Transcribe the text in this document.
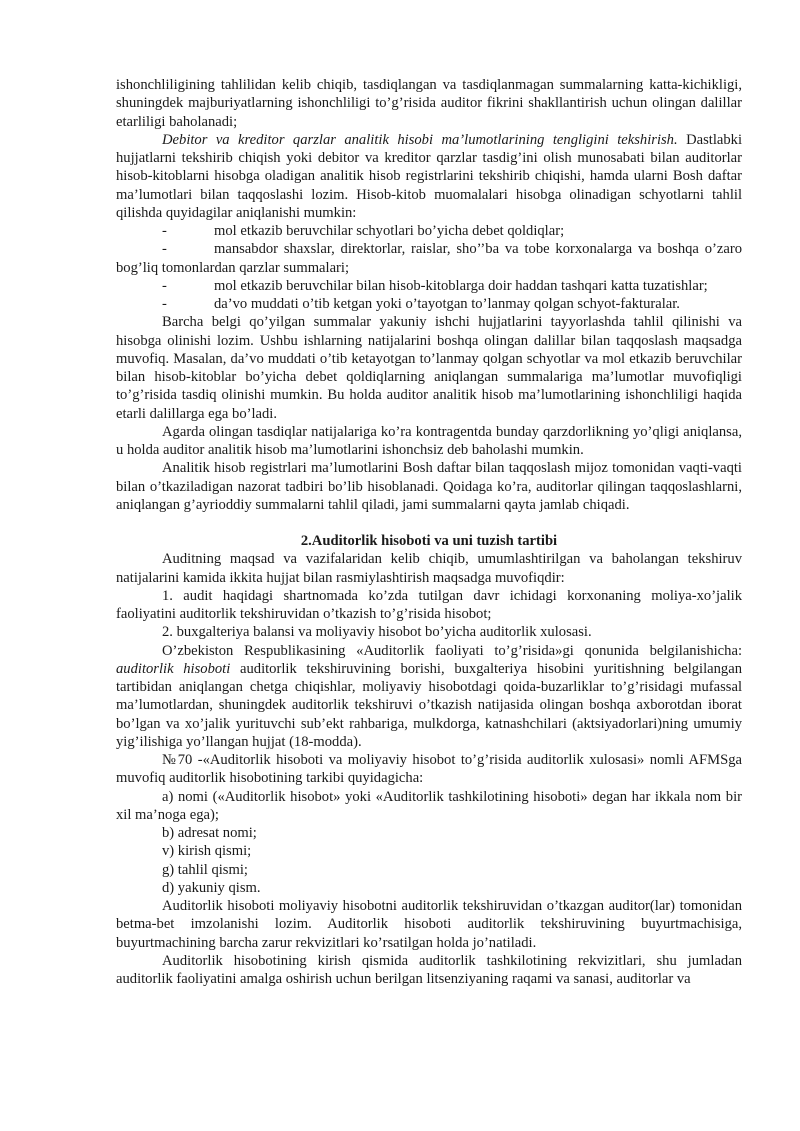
ishonchliligining tahlilidan kelib chiqib, tasdiqlangan va tasdiqlanmagan summalarning katta-kichikligi, shuningdek majburiyatlarning ishonchliligi to’g’risida auditor fikrini shakllantirish uchun olingan dalillar etarliligi baholanadi;

Debitor va kreditor qarzlar analitik hisobi ma’lumotlarining tengligini tekshirish. Dastlabki hujjatlarni tekshirib chiqish yoki debitor va kreditor qarzlar tasdig’ini olish munosabati bilan auditorlar hisob-kitoblarni hisobga oladigan analitik hisob registrlarini tekshirib chiqishi, hamda ularni Bosh daftar ma’lumotlari bilan taqqoslashi lozim. Hisob-kitob muomalalari hisobga olinadigan schyotlarni tahlil qilishda quyidagilar aniqlanishi mumkin:

-	mol etkazib beruvchilar schyotlari bo’yicha debet qoldiqlar;

-	mansabdor shaxslar, direktorlar, raislar, sho’’ba va tobe korxonalarga va boshqa o’zaro bog’liq tomonlardan qarzlar summalari;

-	mol etkazib beruvchilar bilan hisob-kitoblarga doir haddan tashqari katta tuzatishlar;

-	da’vo muddati o’tib ketgan yoki o’tayotgan to’lanmay qolgan schyot-fakturalar.

Barcha belgi qo’yilgan summalar yakuniy ishchi hujjatlarini tayyorlashda tahlil qilinishi va hisobga olinishi lozim. Ushbu ishlarning natijalarini boshqa olingan dalillar bilan taqqoslash maqsadga muvofiq. Masalan, da’vo muddati o’tib ketayotgan to’lanmay qolgan schyotlar va mol etkazib beruvchilar bilan hisob-kitoblar bo’yicha debet qoldiqlarning aniqlangan summalariga ma’lumotlar muvofiqligi to’g’risida tasdiq olinishi mumkin. Bu holda auditor analitik hisob ma’lumotlarining ishonchliligi haqida etarli dalillarga ega bo’ladi.

Agarda olingan tasdiqlar natijalariga ko’ra kontragentda bunday qarzdorlikning yo’qligi aniqlansa, u holda auditor analitik hisob ma’lumotlarini ishonchsiz deb baholashi mumkin.

Analitik hisob registrlari ma’lumotlarini Bosh daftar bilan taqqoslash mijoz tomonidan vaqti-vaqti bilan o’tkaziladigan nazorat tadbiri bo’lib hisoblanadi. Qoidaga ko’ra, auditorlar qilingan taqqoslashlarni, aniqlangan g’ayrioddiy summalarni tahlil qiladi, jami summalarni qayta jamlab chiqadi.

2.Auditorlik hisoboti va uni tuzish tartibi

Auditning maqsad va vazifalaridan kelib chiqib, umumlashtirilgan va baholangan tekshiruv natijalarini kamida ikkita hujjat bilan rasmiylashtirish maqsadga muvofiqdir:

1. audit haqidagi shartnomada ko’zda tutilgan davr ichidagi korxonaning moliya-xo’jalik faoliyatini auditorlik tekshiruvidan o’tkazish to’g’risida hisobot;

2. buxgalteriya balansi va moliyaviy hisobot bo’yicha auditorlik xulosasi.

O’zbekiston Respublikasining «Auditorlik faoliyati to’g’risida»gi qonunida belgilanishicha: auditorlik hisoboti auditorlik tekshiruvining borishi, buxgalteriya hisobini yuritishning belgilangan tartibidan aniqlangan chetga chiqishlar, moliyaviy hisobotdagi qoida-buzarliklar to’g’risidagi mufassal ma’lumotlardan, shuningdek auditorlik tekshiruvi o’tkazish natijasida olingan boshqa axborotdan iborat bo’lgan va xo’jalik yurituvchi sub’ekt rahbariga, mulkdorga, katnashchilari (aktsiyadorlari)ning umumiy yig’ilishiga yo’llangan hujjat (18-modda).

№70 -«Auditorlik hisoboti va moliyaviy hisobot to’g’risida auditorlik xulosasi» nomli AFMSga muvofiq auditorlik hisobotining tarkibi quyidagicha:

a) nomi («Auditorlik hisobot» yoki «Auditorlik tashkilotining hisoboti» degan har ikkala nom bir xil ma’noga ega);

b) adresat nomi;

v) kirish qismi;

g) tahlil qismi;

d) yakuniy qism.

Auditorlik hisoboti moliyaviy hisobotni auditorlik tekshiruvidan o’tkazgan auditor(lar) tomonidan betma-bet imzolanishi lozim. Auditorlik hisoboti auditorlik tekshiruvining buyurtmachisiga, buyurtmachining barcha zarur rekvizitlari ko’rsatilgan holda jo’natiladi.

Auditorlik hisobotining kirish qismida auditorlik tashkilotining rekvizitlari, shu jumladan auditorlik faoliyatini amalga oshirish uchun berilgan litsenziyaning raqami va sanasi, auditorlar va
